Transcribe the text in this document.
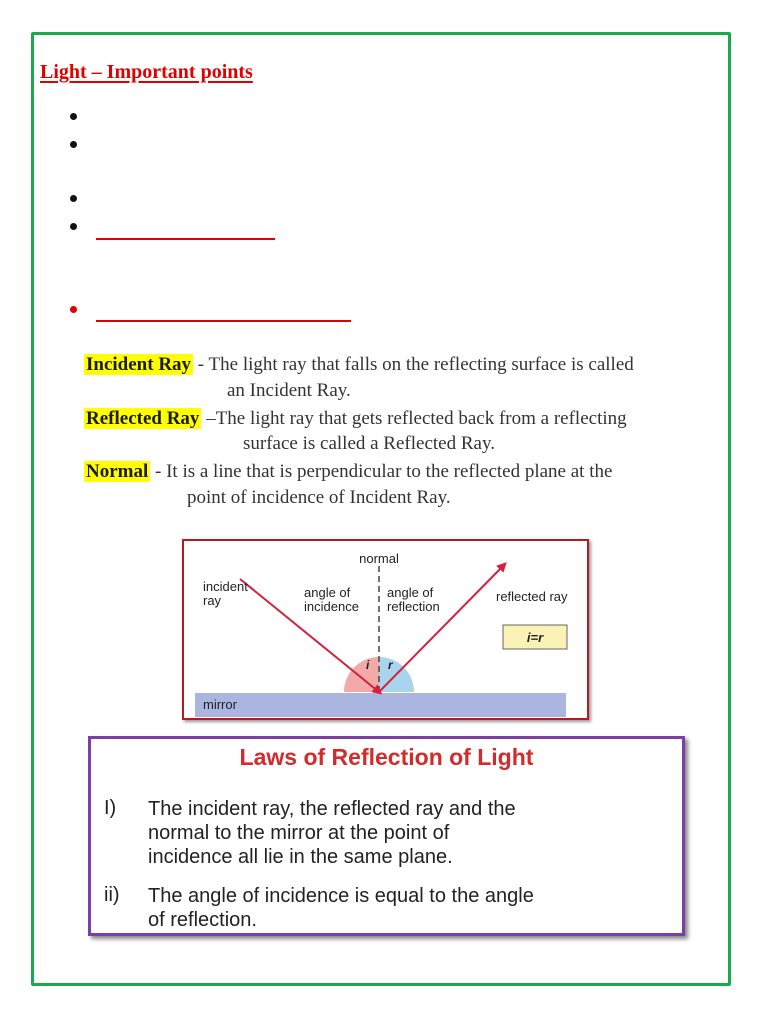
Light – Important points
Incident Ray - The light ray that falls on the reflecting surface is called
an Incident Ray.
Reflected Ray –The light ray that gets reflected back from a reflecting
surface is called a Reflected Ray.
Normal - It is a line that is perpendicular to the reflected plane at the
point of incidence of Incident Ray.
mirror
normal
incident
ray
angle of
incidence
angle of
reflection
reflected ray
i=r
i r
Laws of Reflection of Light
I) The incident ray, the reflected ray and the
normal to the mirror at the point of
incidence all lie in the same plane.
ii) The angle of incidence is equal to the angle
of reflection.
